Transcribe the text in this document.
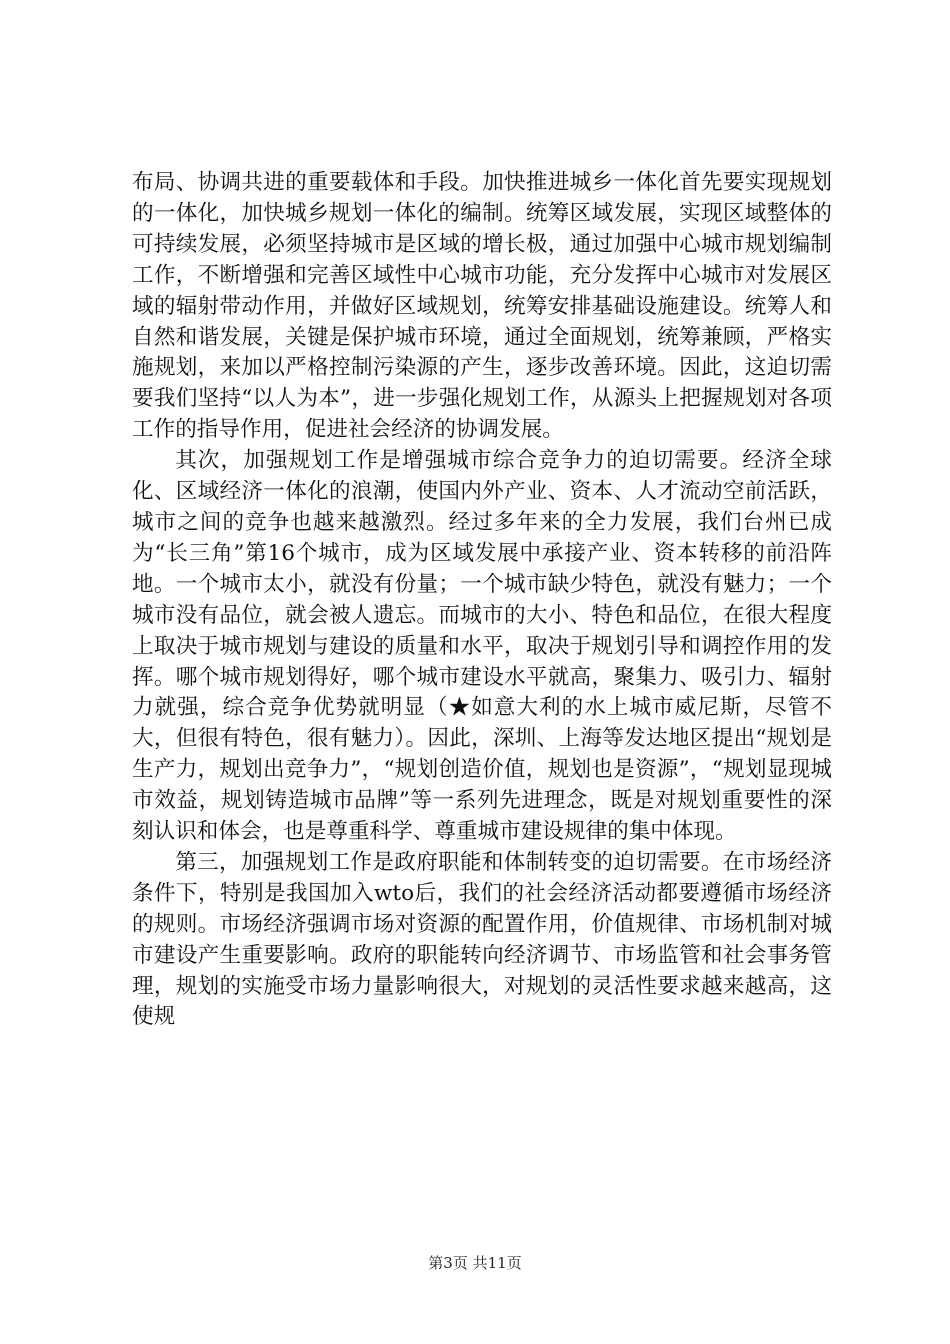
布局、协调共进的重要载体和手段。加快推进城乡一体化首先要实现规划的一体化，加快城乡规划一体化的编制。统筹区域发展，实现区域整体的可持续发展，必须坚持城市是区域的增长极，通过加强中心城市规划编制工作，不断增强和完善区域性中心城市功能，充分发挥中心城市对发展区域的辐射带动作用，并做好区域规划，统筹安排基础设施建设。统筹人和自然和谐发展，关键是保护城市环境，通过全面规划，统筹兼顾，严格实施规划，来加以严格控制污染源的产生，逐步改善环境。因此，这迫切需要我们坚持“以人为本”，进一步强化规划工作，从源头上把握规划对各项工作的指导作用，促进社会经济的协调发展。

其次，加强规划工作是增强城市综合竞争力的迫切需要。经济全球化、区域经济一体化的浪潮，使国内外产业、资本、人才流动空前活跃，城市之间的竞争也越来越激烈。经过多年来的全力发展，我们台州已成为“长三角”第16个城市，成为区域发展中承接产业、资本转移的前沿阵地。一个城市太小，就没有份量；一个城市缺少特色，就没有魅力；一个城市没有品位，就会被人遗忘。而城市的大小、特色和品位，在很大程度上取决于城市规划与建设的质量和水平，取决于规划引导和调控作用的发挥。哪个城市规划得好，哪个城市建设水平就高，聚集力、吸引力、辐射力就强，综合竞争优势就明显（★如意大利的水上城市威尼斯，尽管不大，但很有特色，很有魅力）。因此，深圳、上海等发达地区提出“规划是生产力，规划出竞争力”，“规划创造价值，规划也是资源”，“规划显现城市效益，规划铸造城市品牌”等一系列先进理念，既是对规划重要性的深刻认识和体会，也是尊重科学、尊重城市建设规律的集中体现。

第三，加强规划工作是政府职能和体制转变的迫切需要。在市场经济条件下，特别是我国加入wto后，我们的社会经济活动都要遵循市场经济的规则。市场经济强调市场对资源的配置作用，价值规律、市场机制对城市建设产生重要影响。政府的职能转向经济调节、市场监管和社会事务管理，规划的实施受市场力量影响很大，对规划的灵活性要求越来越高，这使规

第3页 共11页
